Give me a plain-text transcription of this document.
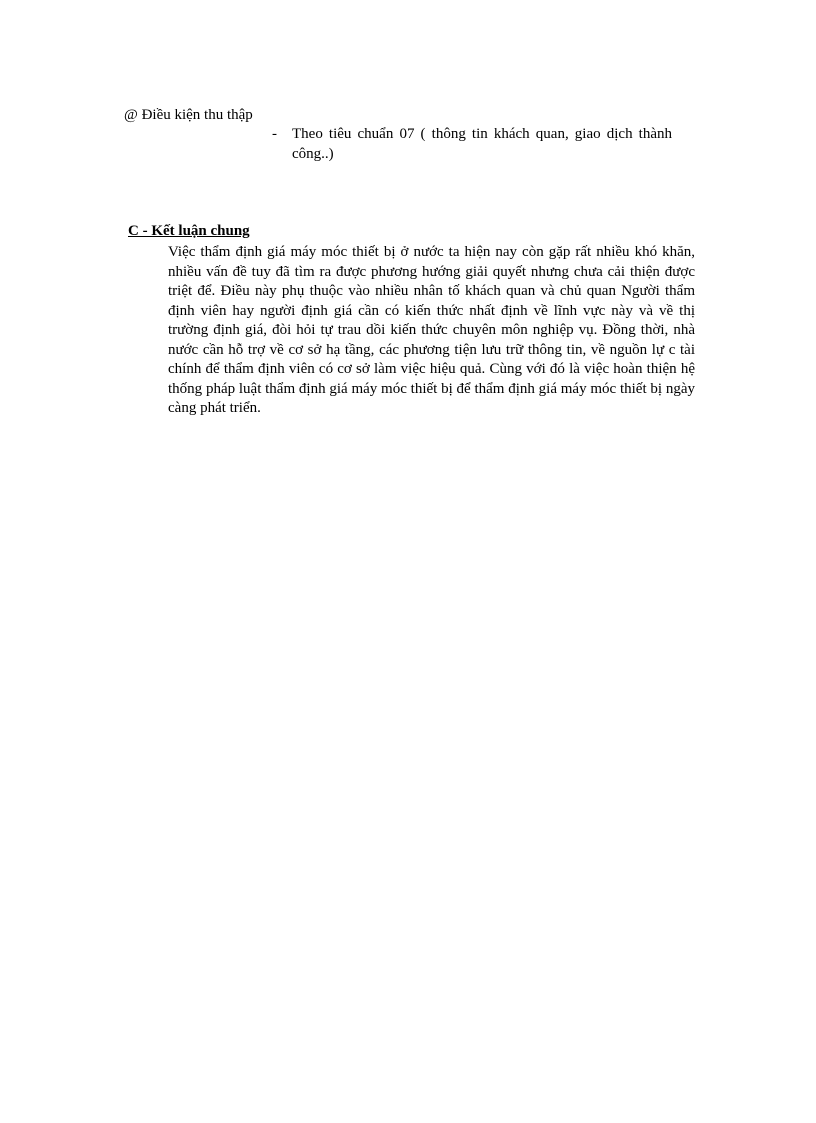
@ Điều kiện thu thập
- Theo tiêu chuẩn 07 ( thông tin khách quan, giao dịch thành công..)
C - Kết luận chung
Việc thẩm định giá máy móc thiết bị ở nước ta hiện nay còn gặp rất nhiều khó khăn, nhiều vấn đề tuy đã tìm ra được phương hướng giải quyết nhưng chưa cải thiện được triệt để. Điều này phụ thuộc vào nhiều nhân tố khách quan và chủ quan Người thẩm định viên hay người định giá cần có kiến thức nhất định về lĩnh vực này và về thị trường định giá, đòi hỏi tự trau dồi kiến thức chuyên môn nghiệp vụ. Đồng thời, nhà nước cần hỗ trợ về cơ sở hạ tầng, các phương tiện lưu trữ thông tin, về nguồn lự c tài chính để thẩm định viên có cơ sở làm việc hiệu quả. Cùng với đó là việc hoàn thiện hệ thống pháp luật thẩm định giá máy móc thiết bị để thẩm định giá máy móc thiết bị ngày càng phát triển.
